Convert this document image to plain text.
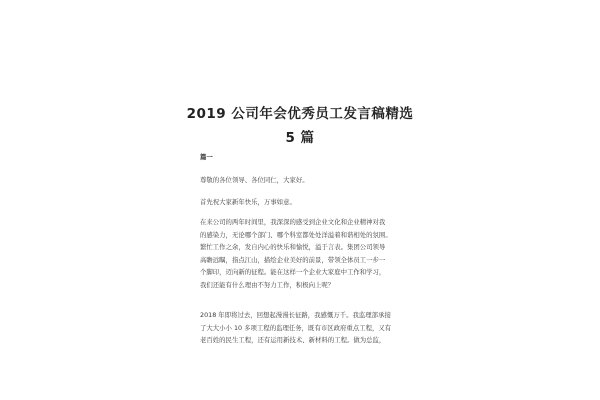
2019 公司年会优秀员工发言稿精选
5 篇
篇一
尊敬的各位领导、各位同仁，大家好。
首先祝大家新年快乐，万事如意。
在来公司的两年时间里，我深深的感受到企业文化和企业精神对我
的感染力，无论哪个部门、哪个科室都处处洋溢着和谐相处的氛围。
繁忙工作之余，发自内心的快乐和愉悦，溢于言表。集团公司领导
高瞻远瞩，指点江山，描绘企业美好的前景，带领全体员工一步一
个脚印，迈向新的征程。能在这样一个企业大家庭中工作和学习，
我们还能有什么理由不努力工作，积极向上呢？
2018 年即将过去，回想起漫漫长征路，我感慨万千。我监理部承接
了大大小小 10 多项工程的监理任务，既有市区政府重点工程，又有
老百姓的民生工程，还有运用新技术、新材料的工程。做为总监，
